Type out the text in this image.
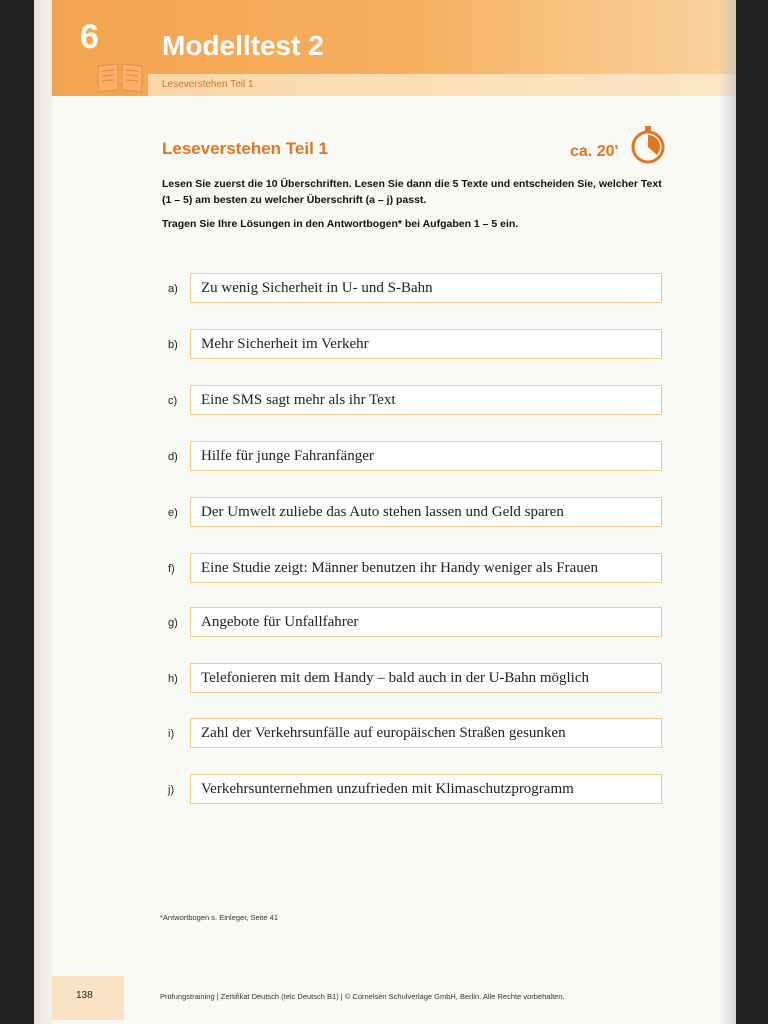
6 Modelltest 2
Leseverstehen Teil 1
Leseverstehen Teil 1	ca. 20'

Lesen Sie zuerst die 10 Überschriften. Lesen Sie dann die 5 Texte und entscheiden Sie, welcher Text (1 – 5) am besten zu welcher Überschrift (a – j) passt.

Tragen Sie Ihre Lösungen in den Antwortbogen* bei Aufgaben 1 – 5 ein.

a)	Zu wenig Sicherheit in U- und S-Bahn
b)	Mehr Sicherheit im Verkehr
c)	Eine SMS sagt mehr als ihr Text
d)	Hilfe für junge Fahranfänger
e)	Der Umwelt zuliebe das Auto stehen lassen und Geld sparen
f)	Eine Studie zeigt: Männer benutzen ihr Handy weniger als Frauen
g)	Angebote für Unfallfahrer
h)	Telefonieren mit dem Handy – bald auch in der U-Bahn möglich
i)	Zahl der Verkehrsunfälle auf europäischen Straßen gesunken
j)	Verkehrsunternehmen unzufrieden mit Klimaschutzprogramm
*Antwortbogen s. Einleger, Seite 41
138	Prüfungstraining | Zertifikat Deutsch (telc Deutsch B1) | © Cornelsen Schulverlage GmbH, Berlin. Alle Rechte vorbehalten.
